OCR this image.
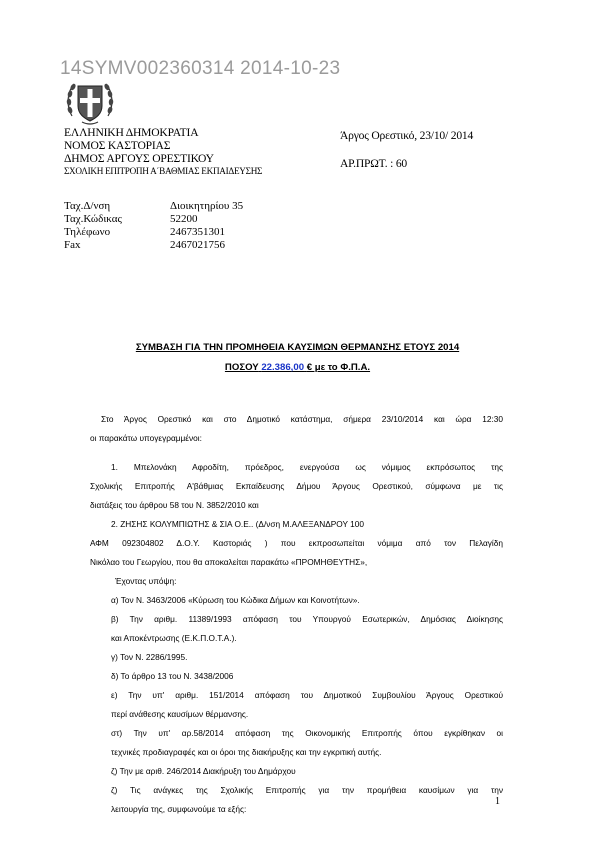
14SYMV002360314 2014-10-23
ΕΛΛΗΝΙΚΗ ΔΗΜΟΚΡΑΤΙΑ
ΝΟΜΟΣ ΚΑΣΤΟΡΙΑΣ
ΔΗΜΟΣ ΑΡΓΟΥΣ ΟΡΕΣΤΙΚΟΥ
ΣΧΟΛΙΚΗ ΕΠΙΤΡΟΠΗ Α΄ΒΑΘΜΙΑΣ ΕΚΠΑΙΔΕΥΣΗΣ
Άργος Ορεστικό, 23/10/ 2014
ΑΡ.ΠΡΩΤ. : 60
Ταχ.Δ/νση	Διοικητηρίου 35
Ταχ.Κώδικας	52200
Τηλέφωνο	2467351301
Fax	2467021756
ΣΥΜΒΑΣΗ ΓΙΑ ΤΗΝ ΠΡΟΜΗΘΕΙΑ ΚΑΥΣΙΜΩΝ ΘΕΡΜΑΝΣΗΣ ΕΤΟΥΣ 2014
ΠΟΣΟΥ 22.386,00 € με το Φ.Π.Α.
Στο Άργος Ορεστικό και στο Δημοτικό κατάστημα, σήμερα 23/10/2014 και ώρα 12:30
οι παρακάτω υπογεγραμμένοι:
1. Μπελονάκη Αφροδίτη, πρόεδρος, ενεργούσα ως νόμιμος εκπρόσωπος της
Σχολικής Επιτροπής Α'βάθμιας Εκπαίδευσης Δήμου Άργους Ορεστικού, σύμφωνα με τις
διατάξεις του άρθρου 58 του Ν. 3852/2010 και
2. ΖΗΣΗΣ ΚΟΛΥΜΠΙΩΤΗΣ & ΣΙΑ Ο.Ε.. (Δ/νση Μ.ΑΛΕΞΑΝΔΡΟΥ 100
ΑΦΜ 092304802 Δ.Ο.Υ. Καστοριάς ) που εκπροσωπείται νόμιμα από τον Πελαγίδη
Νικόλαο του Γεωργίου, που θα αποκαλείται παρακάτω «ΠΡΟΜΗΘΕΥΤΗΣ»,
Έχοντας υπόψη:
α) Τον Ν. 3463/2006 «Κύρωση του Κώδικα Δήμων και Κοινοτήτων».
β) Την αριθμ. 11389/1993 απόφαση του Υπουργού Εσωτερικών, Δημόσιας Διοίκησης
και Αποκέντρωσης (Ε.Κ.Π.Ο.Τ.Α.).
γ) Τον Ν. 2286/1995.
δ) Το άρθρο 13 του Ν. 3438/2006
ε) Την υπ' αριθμ. 151/2014 απόφαση του Δημοτικού Συμβουλίου Άργους Ορεστικού
περί ανάθεσης καυσίμων θέρμανσης.
στ) Την υπ' αρ.58/2014 απόφαση της Οικονομικής Επιτροπής όπου εγκρίθηκαν οι
τεχνικές προδιαγραφές και οι όροι της διακήρυξης και την εγκριτική αυτής.
ζ) Την με αριθ. 246/2014 Διακήρυξη του Δημάρχου
ζ) Τις ανάγκες της Σχολικής Επιτροπής για την προμήθεια καυσίμων για την
λειτουργία της, συμφωνούμε τα εξής:
1
